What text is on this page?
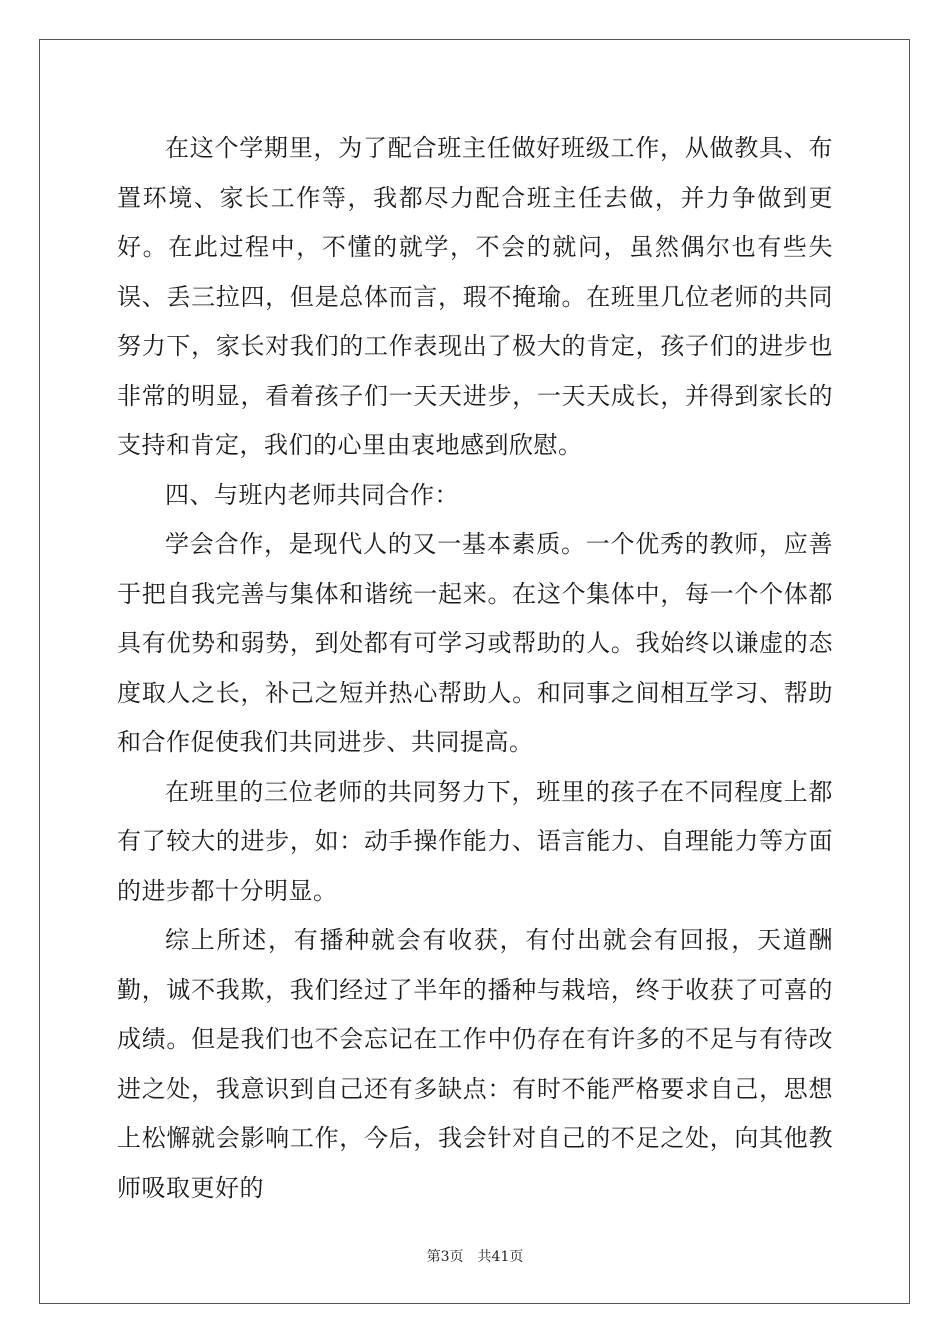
在这个学期里，为了配合班主任做好班级工作，从做教具、布置环境、家长工作等，我都尽力配合班主任去做，并力争做到更好。在此过程中，不懂的就学，不会的就问，虽然偶尔也有些失误、丢三拉四，但是总体而言，瑕不掩瑜。在班里几位老师的共同努力下，家长对我们的工作表现出了极大的肯定，孩子们的进步也非常的明显，看着孩子们一天天进步，一天天成长，并得到家长的支持和肯定，我们的心里由衷地感到欣慰。

四、与班内老师共同合作：

学会合作，是现代人的又一基本素质。一个优秀的教师，应善于把自我完善与集体和谐统一起来。在这个集体中，每一个个体都具有优势和弱势，到处都有可学习或帮助的人。我始终以谦虚的态度取人之长，补己之短并热心帮助人。和同事之间相互学习、帮助和合作促使我们共同进步、共同提高。

在班里的三位老师的共同努力下，班里的孩子在不同程度上都有了较大的进步，如：动手操作能力、语言能力、自理能力等方面的进步都十分明显。

综上所述，有播种就会有收获，有付出就会有回报，天道酬勤，诚不我欺，我们经过了半年的播种与栽培，终于收获了可喜的成绩。但是我们也不会忘记在工作中仍存在有许多的不足与有待改进之处，我意识到自己还有多缺点：有时不能严格要求自己，思想上松懈就会影响工作，今后，我会针对自己的不足之处，向其他教师吸取更好的

第3页 共41页
